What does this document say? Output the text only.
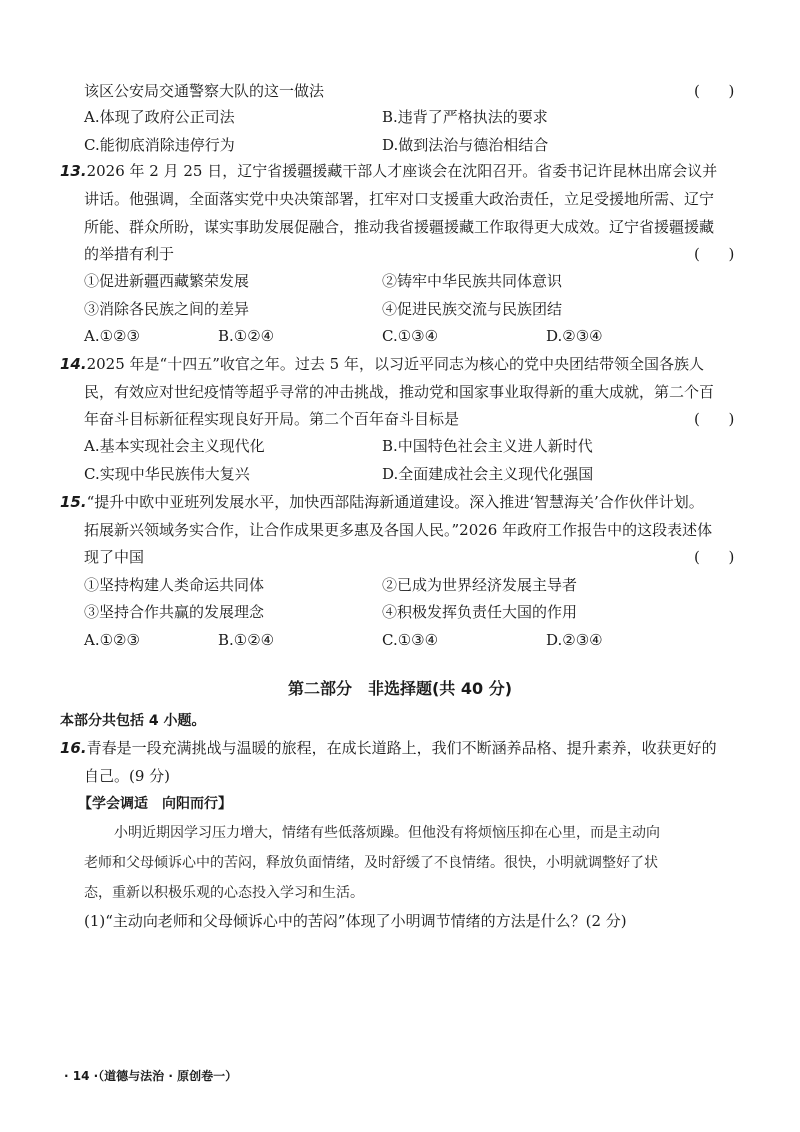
该区公安局交通警察大队的这一做法	(      )
A.体现了政府公正司法	B.违背了严格执法的要求
C.能彻底消除违停行为	D.做到法治与德治相结合
13.2026 年 2 月 25 日，辽宁省援疆援藏干部人才座谈会在沈阳召开。省委书记许昆林出席会议并
讲话。他强调，全面落实党中央决策部署，扛牢对口支援重大政治责任，立足受援地所需、辽宁
所能、群众所盼，谋实事助发展促融合，推动我省援疆援藏工作取得更大成效。辽宁省援疆援藏
的举措有利于	(      )
①促进新疆西藏繁荣发展	②铸牢中华民族共同体意识
③消除各民族之间的差异	④促进民族交流与民族团结
A.①②③	B.①②④	C.①③④	D.②③④
14.2025 年是“十四五”收官之年。过去 5 年，以习近平同志为核心的党中央团结带领全国各族人
民，有效应对世纪疫情等超乎寻常的冲击挑战，推动党和国家事业取得新的重大成就，第二个百
年奋斗目标新征程实现良好开局。第二个百年奋斗目标是	(      )
A.基本实现社会主义现代化	B.中国特色社会主义进人新时代
C.实现中华民族伟大复兴	D.全面建成社会主义现代化强国
15.“提升中欧中亚班列发展水平，加快西部陆海新通道建设。深入推进‘智慧海关’合作伙伴计划。
拓展新兴领域务实合作，让合作成果更多惠及各国人民。”2026 年政府工作报告中的这段表述体
现了中国	(      )
①坚持构建人类命运共同体	②已成为世界经济发展主导者
③坚持合作共赢的发展理念	④积极发挥负责任大国的作用
A.①②③	B.①②④	C.①③④	D.②③④
第二部分　非选择题(共 40 分)
本部分共包括 4 小题。
16.青春是一段充满挑战与温暖的旅程，在成长道路上，我们不断涵养品格、提升素养，收获更好的
自己。(9 分)
【学会调适　向阳而行】
小明近期因学习压力增大，情绪有些低落烦躁。但他没有将烦恼压抑在心里，而是主动向
老师和父母倾诉心中的苦闷，释放负面情绪，及时舒缓了不良情绪。很快，小明就调整好了状
态，重新以积极乐观的心态投入学习和生活。
(1)“主动向老师和父母倾诉心中的苦闷”体现了小明调节情绪的方法是什么？(2 分)
· 14 ·（道德与法治 · 原创卷一）
